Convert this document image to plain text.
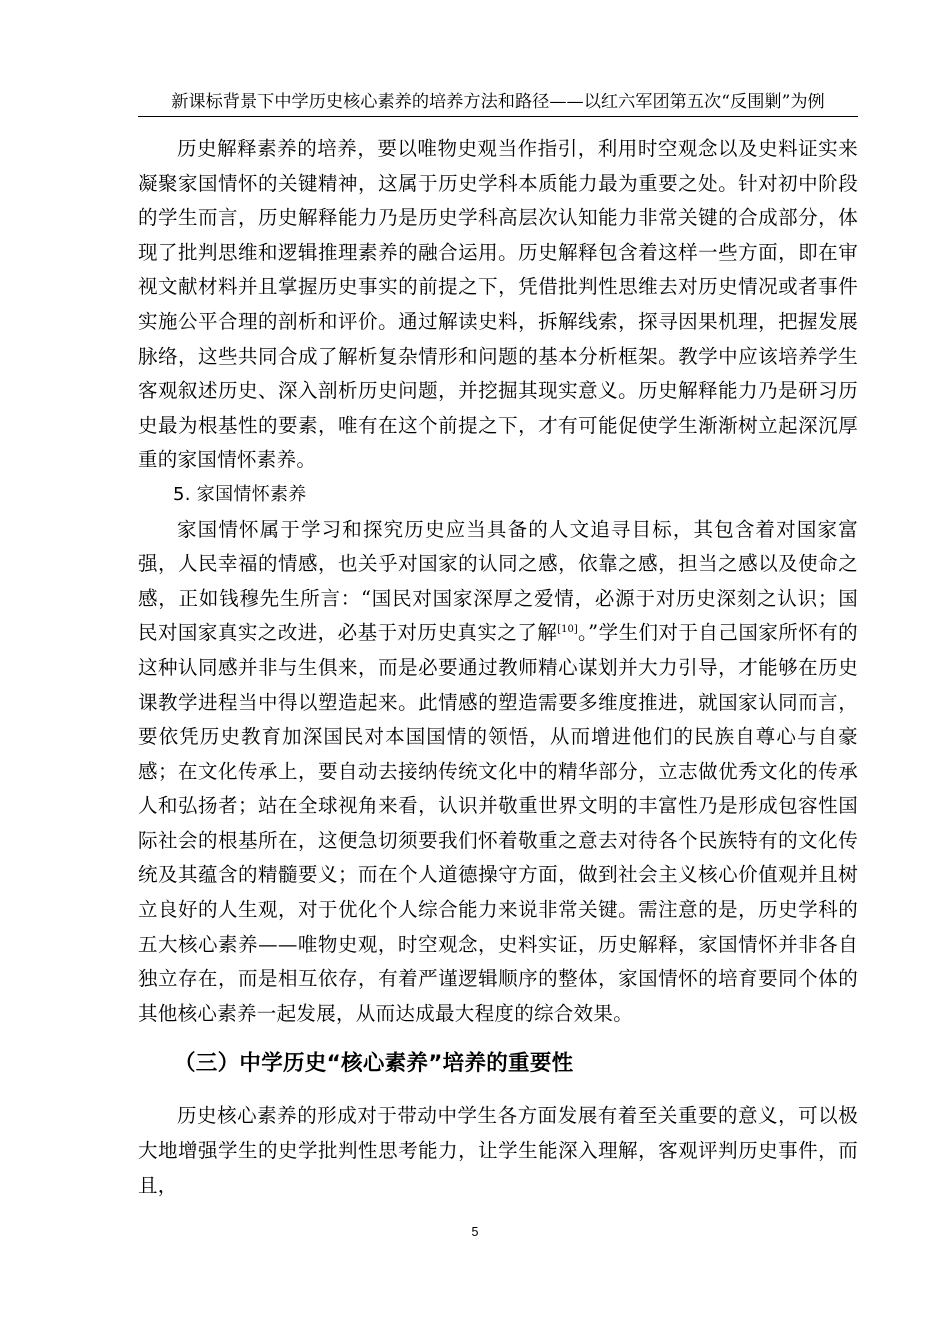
新课标背景下中学历史核心素养的培养方法和路径——以红六军团第五次“反围剿”为例

历史解释素养的培养，要以唯物史观当作指引，利用时空观念以及史料证实来凝聚家国情怀的关键精神，这属于历史学科本质能力最为重要之处。针对初中阶段的学生而言，历史解释能力乃是历史学科高层次认知能力非常关键的合成部分，体现了批判思维和逻辑推理素养的融合运用。历史解释包含着这样一些方面，即在审视文献材料并且掌握历史事实的前提之下，凭借批判性思维去对历史情况或者事件实施公平合理的剖析和评价。通过解读史料，拆解线索，探寻因果机理，把握发展脉络，这些共同合成了解析复杂情形和问题的基本分析框架。教学中应该培养学生客观叙述历史、深入剖析历史问题，并挖掘其现实意义。历史解释能力乃是研习历史最为根基性的要素，唯有在这个前提之下，才有可能促使学生渐渐树立起深沉厚重的家国情怀素养。

5. 家国情怀素养

家国情怀属于学习和探究历史应当具备的人文追寻目标，其包含着对国家富强，人民幸福的情感，也关乎对国家的认同之感，依靠之感，担当之感以及使命之感，正如钱穆先生所言：“国民对国家深厚之爱情，必源于对历史深刻之认识；国民对国家真实之改进，必基于对历史真实之了解[10]。”学生们对于自己国家所怀有的这种认同感并非与生俱来，而是必要通过教师精心谋划并大力引导，才能够在历史课教学进程当中得以塑造起来。此情感的塑造需要多维度推进，就国家认同而言，要依凭历史教育加深国民对本国国情的领悟，从而增进他们的民族自尊心与自豪感；在文化传承上，要自动去接纳传统文化中的精华部分，立志做优秀文化的传承人和弘扬者；站在全球视角来看，认识并敬重世界文明的丰富性乃是形成包容性国际社会的根基所在，这便急切须要我们怀着敬重之意去对待各个民族特有的文化传统及其蕴含的精髓要义；而在个人道德操守方面，做到社会主义核心价值观并且树立良好的人生观，对于优化个人综合能力来说非常关键。需注意的是，历史学科的五大核心素养——唯物史观，时空观念，史料实证，历史解释，家国情怀并非各自独立存在，而是相互依存，有着严谨逻辑顺序的整体，家国情怀的培育要同个体的其他核心素养一起发展，从而达成最大程度的综合效果。

（三）中学历史“核心素养”培养的重要性

历史核心素养的形成对于带动中学生各方面发展有着至关重要的意义，可以极大地增强学生的史学批判性思考能力，让学生能深入理解，客观评判历史事件，而且，

5
